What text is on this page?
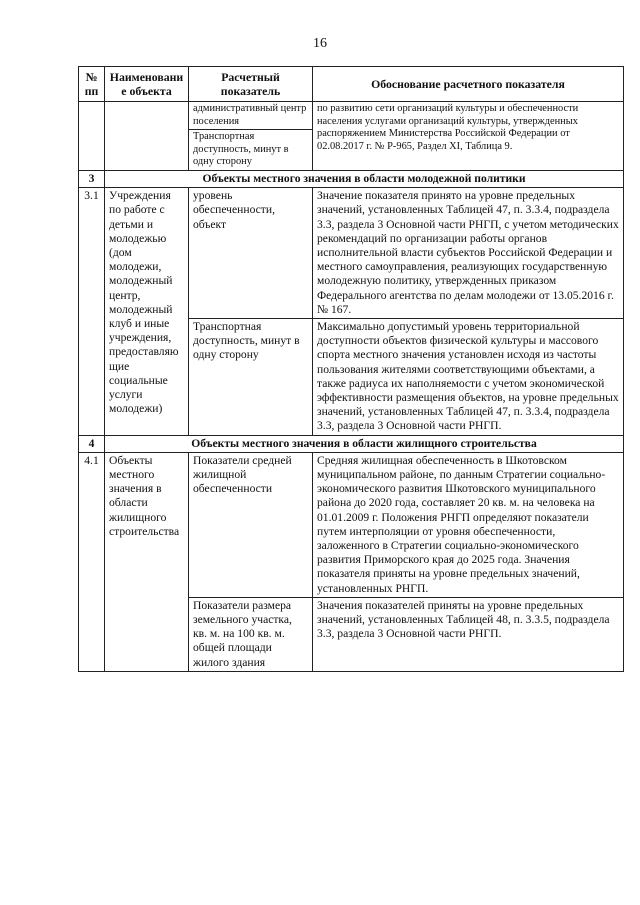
16
№ пп	Наименовани е объекта	Расчетный показатель	Обоснование расчетного показателя
		административный центр поселения	по развитию сети организаций культуры и обеспеченности населения услугами организаций культуры, утвержденных распоряжением Министерства Российской Федерации от 02.08.2017 г. № Р-965, Раздел XI, Таблица 9.
		Транспортная доступность, минут в одну сторону	
3	Объекты местного значения в области молодежной политики		
3.1	Учреждения по работе с детьми и молодежью (дом молодежи, молодежный центр, молодежный клуб и иные учреждения, предоставляю щие социальные услуги молодежи)	уровень обеспеченности, объект	Значение показателя принято на уровне предельных значений, установленных Таблицей 47, п. 3.3.4, подраздела 3.3, раздела 3 Основной части РНГП, с учетом методических рекомендаций по организации работы органов исполнительной власти субъектов Российской Федерации и местного самоуправления, реализующих государственную молодежную политику, утвержденных приказом Федерального агентства по делам молодежи от 13.05.2016 г. № 167.
		Транспортная доступность, минут в одну сторону	Максимально допустимый уровень территориальной доступности объектов физической культуры и массового спорта местного значения установлен исходя из частоты пользования жителями соответствующими объектами, а также радиуса их наполняемости с учетом экономической эффективности размещения объектов, на уровне предельных значений, установленных Таблицей 47, п. 3.3.4, подраздела 3.3, раздела 3 Основной части РНГП.
4	Объекты местного значения в области жилищного строительства		
4.1	Объекты местного значения в области жилищного строительства	Показатели средней жилищной обеспеченности	Средняя жилищная обеспеченность в Шкотовском муниципальном районе, по данным Стратегии социально-экономического развития Шкотовского муниципального района до 2020 года, составляет 20 кв. м. на человека на 01.01.2009 г. Положения РНГП определяют показатели путем интерполяции от уровня обеспеченности, заложенного в Стратегии социально-экономического развития Приморского края до 2025 года. Значения показателя приняты на уровне предельных значений, установленных РНГП.
		Показатели размера земельного участка, кв. м. на 100 кв. м. общей площади жилого здания	Значения показателей приняты на уровне предельных значений, установленных Таблицей 48, п. 3.3.5, подраздела 3.3, раздела 3 Основной части РНГП.
